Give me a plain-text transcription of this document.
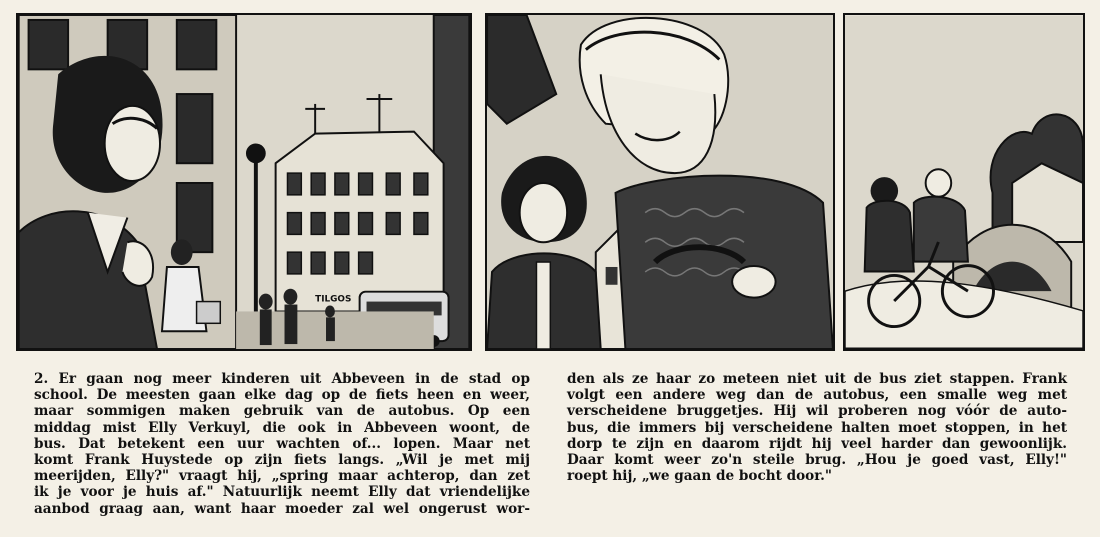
TILGOS
2. Er gaan nog meer kinderen uit Abbeveen in de stad op
school. De meesten gaan elke dag op de fiets heen en weer,
maar sommigen maken gebruik van de autobus. Op een
middag mist Elly Verkuyl, die ook in Abbeveen woont, de
bus. Dat betekent een uur wachten of... lopen. Maar net
komt Frank Huystede op zijn fiets langs. „Wil je met mij
meerijden, Elly?" vraagt hij, „spring maar achterop, dan zet
ik je voor je huis af." Natuurlijk neemt Elly dat vriendelijke
aanbod graag aan, want haar moeder zal wel ongerust wor-
den als ze haar zo meteen niet uit de bus ziet stappen. Frank
volgt een andere weg dan de autobus, een smalle weg met
verscheidene bruggetjes. Hij wil proberen nog vóór de auto-
bus, die immers bij verscheidene halten moet stoppen, in het
dorp te zijn en daarom rijdt hij veel harder dan gewoonlijk.
Daar komt weer zo'n steile brug. „Hou je goed vast, Elly!"
roept hij, „we gaan de bocht door."
